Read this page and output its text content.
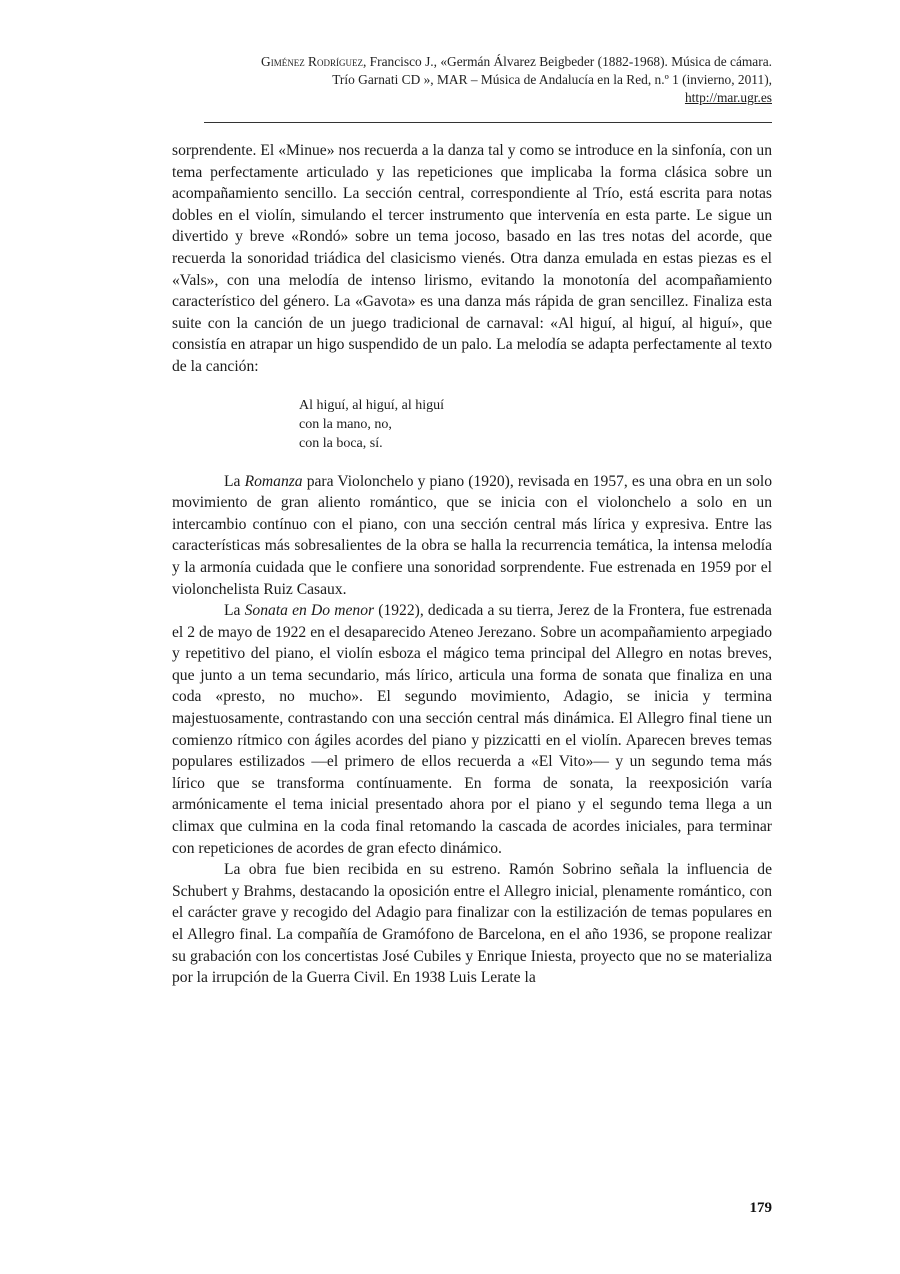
Giménez Rodríguez, Francisco J., «Germán Álvarez Beigbeder (1882-1968). Música de cámara.
Trío Garnati CD », MAR – Música de Andalucía en la Red, n.º 1 (invierno, 2011),
http://mar.ugr.es

sorprendente. El «Minue» nos recuerda a la danza tal y como se introduce en la sinfonía, con un tema perfectamente articulado y las repeticiones que implicaba la forma clásica sobre un acompañamiento sencillo. La sección central, correspondiente al Trío, está escrita para notas dobles en el violín, simulando el tercer instrumento que intervenía en esta parte. Le sigue un divertido y breve «Rondó» sobre un tema jocoso, basado en las tres notas del acorde, que recuerda la sonoridad triádica del clasicismo vienés. Otra danza emulada en estas piezas es el «Vals», con una melodía de intenso lirismo, evitando la monotonía del acompañamiento característico del género. La «Gavota» es una danza más rápida de gran sencillez. Finaliza esta suite con la canción de un juego tradicional de carnaval: «Al higuí, al higuí, al higuí», que consistía en atrapar un higo suspendido de un palo. La melodía se adapta perfectamente al texto de la canción:

Al higuí, al higuí, al higuí
con la mano, no,
con la boca, sí.

La Romanza para Violonchelo y piano (1920), revisada en 1957, es una obra en un solo movimiento de gran aliento romántico, que se inicia con el violonchelo a solo en un intercambio contínuo con el piano, con una sección central más lírica y expresiva. Entre las características más sobresalientes de la obra se halla la recurrencia temática, la intensa melodía y la armonía cuidada que le confiere una sonoridad sorprendente. Fue estrenada en 1959 por el violonchelista Ruiz Casaux.

La Sonata en Do menor (1922), dedicada a su tierra, Jerez de la Frontera, fue estrenada el 2 de mayo de 1922 en el desaparecido Ateneo Jerezano. Sobre un acompañamiento arpegiado y repetitivo del piano, el violín esboza el mágico tema principal del Allegro en notas breves, que junto a un tema secundario, más lírico, articula una forma de sonata que finaliza en una coda «presto, no mucho». El segundo movimiento, Adagio, se inicia y termina majestuosamente, contrastando con una sección central más dinámica. El Allegro final tiene un comienzo rítmico con ágiles acordes del piano y pizzicatti en el violín. Aparecen breves temas populares estilizados —el primero de ellos recuerda a «El Vito»— y un segundo tema más lírico que se transforma contínuamente. En forma de sonata, la reexposición varía armónicamente el tema inicial presentado ahora por el piano y el segundo tema llega a un climax que culmina en la coda final retomando la cascada de acordes iniciales, para terminar con repeticiones de acordes de gran efecto dinámico.

La obra fue bien recibida en su estreno. Ramón Sobrino señala la influencia de Schubert y Brahms, destacando la oposición entre el Allegro inicial, plenamente romántico, con el carácter grave y recogido del Adagio para finalizar con la estilización de temas populares en el Allegro final. La compañía de Gramófono de Barcelona, en el año 1936, se propone realizar su grabación con los concertistas José Cubiles y Enrique Iniesta, proyecto que no se materializa por la irrupción de la Guerra Civil. En 1938 Luis Lerate la

179
